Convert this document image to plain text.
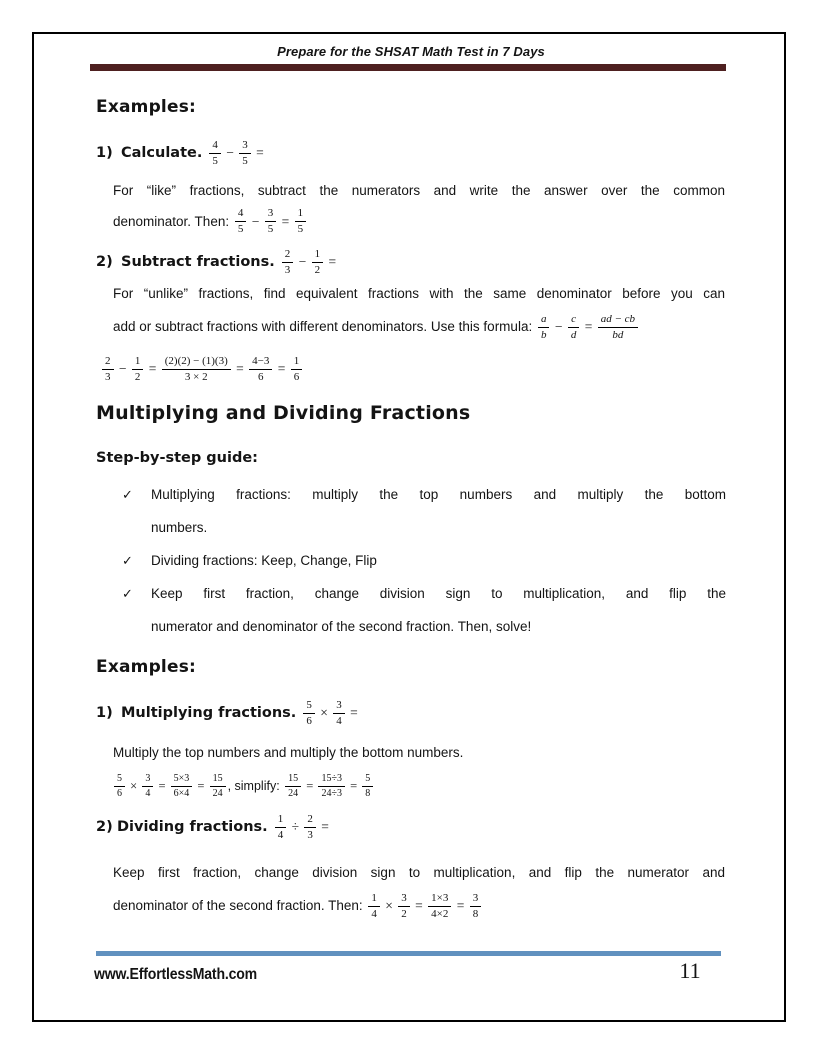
Prepare for the SHSAT Math Test in 7 Days
Examples:
1) Calculate. $\frac{4}{5} - \frac{3}{5}$ =
For “like” fractions, subtract the numerators and write the answer over the common
denominator. Then: $\frac{4}{5} - \frac{3}{5} = \frac{1}{5}$
2) Subtract fractions. $\frac{2}{3} - \frac{1}{2}$ =
For “unlike” fractions, find equivalent fractions with the same denominator before you can
add or subtract fractions with different denominators. Use this formula: $\frac{a}{b} - \frac{c}{d} = \frac{ad - cb}{bd}$
$\frac{2}{3} - \frac{1}{2} = \frac{(2)(2) - (1)(3)}{3 \times 2} = \frac{4-3}{6} = \frac{1}{6}$
Multiplying and Dividing Fractions
Step-by-step guide:
✓	Multiplying fractions: multiply the top numbers and multiply the bottom
numbers.
✓	Dividing fractions: Keep, Change, Flip
✓	Keep first fraction, change division sign to multiplication, and flip the
numerator and denominator of the second fraction. Then, solve!
Examples:
1) Multiplying fractions. $\frac{5}{6} \times \frac{3}{4}$ =
Multiply the top numbers and multiply the bottom numbers.
$\frac{5}{6} \times \frac{3}{4} = \frac{5\times 3}{6\times 4} = \frac{15}{24}$ , simplify: $\frac{15}{24} = \frac{15\div 3}{24\div 3} = \frac{5}{8}$
2) Dividing fractions. $\frac{1}{4} \div \frac{2}{3}$ =
Keep first fraction, change division sign to multiplication, and flip the numerator and
denominator of the second fraction. Then: $\frac{1}{4} \times \frac{3}{2} = \frac{1\times 3}{4\times 2} = \frac{3}{8}$
www.EffortlessMath.com	11
